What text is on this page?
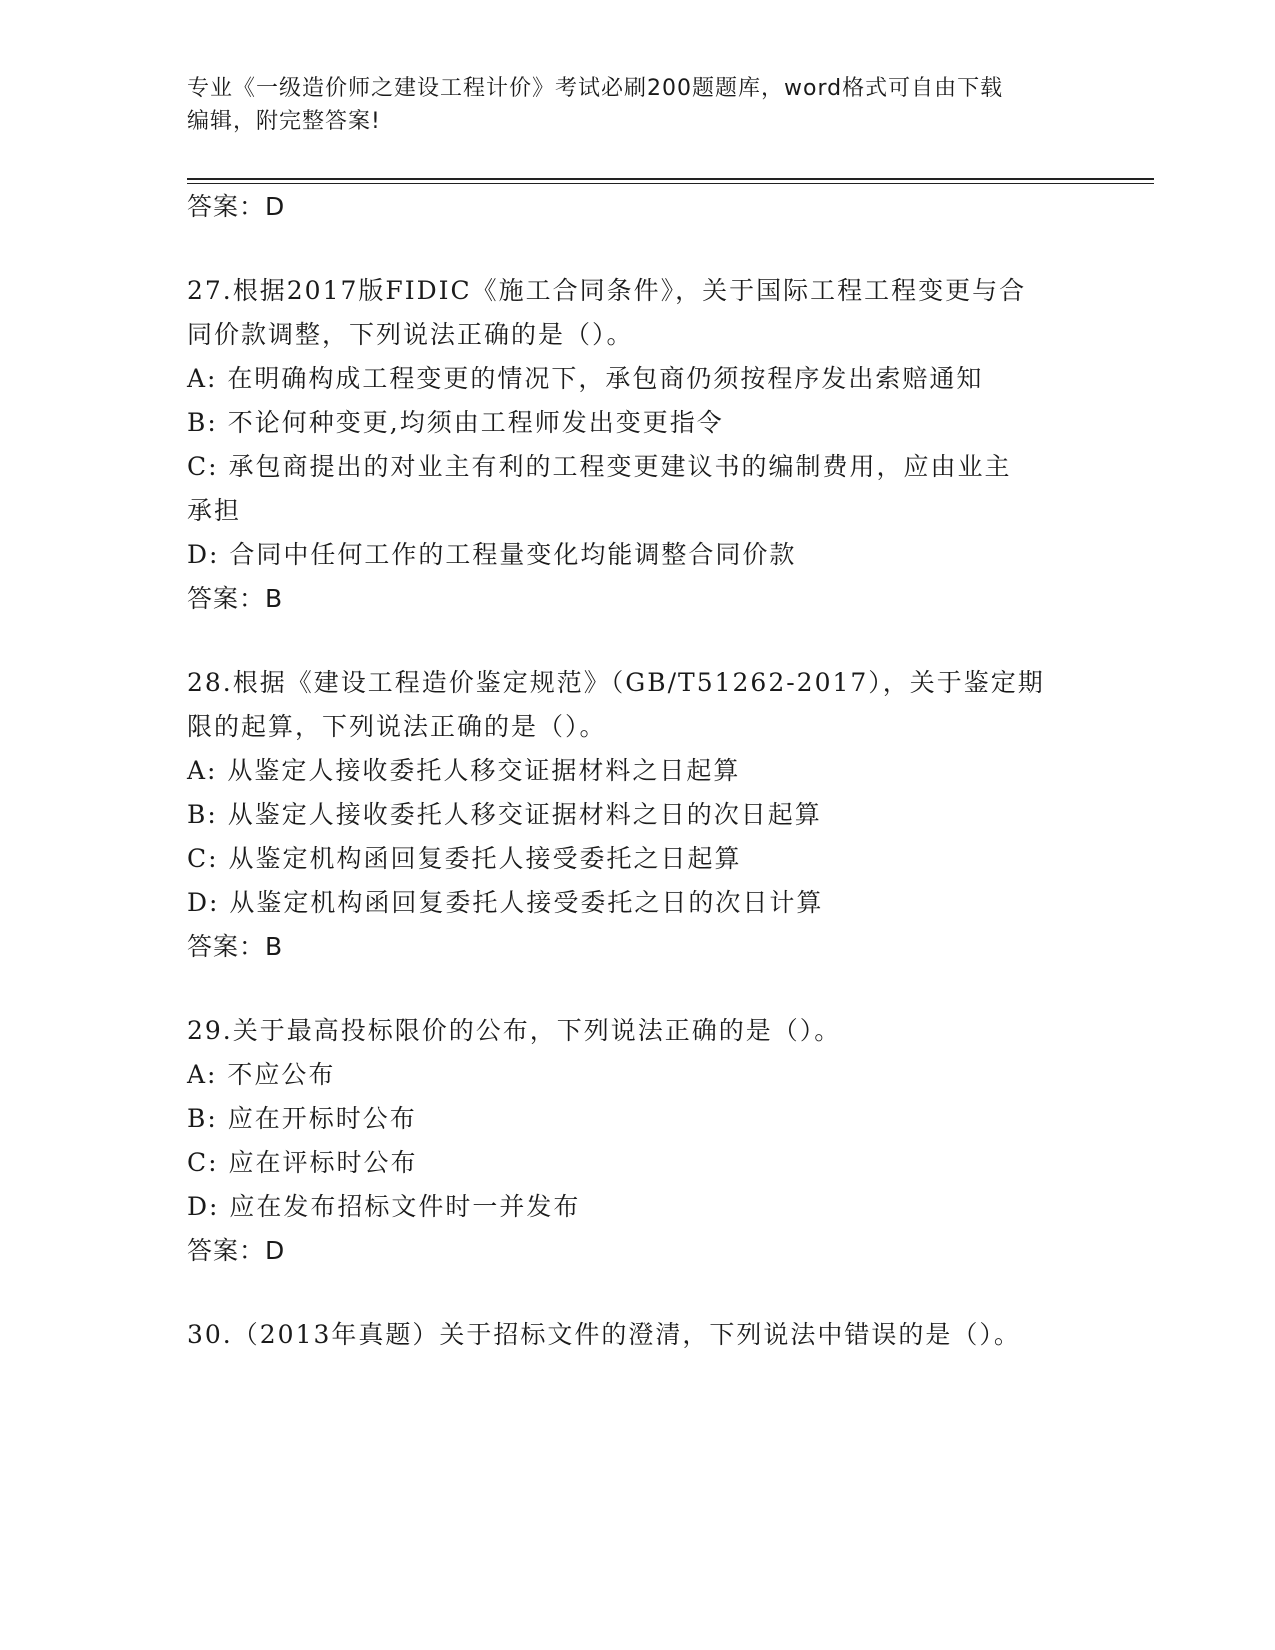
专业《一级造价师之建设工程计价》考试必刷200题题库，word格式可自由下载
编辑，附完整答案!
答案：D
27.根据2017版FIDIC《施工合同条件》，关于国际工程工程变更与合
同价款调整，下列说法正确的是（）。
A: 在明确构成工程变更的情况下，承包商仍须按程序发出索赔通知
B: 不论何种变更,均须由工程师发出变更指令
C: 承包商提出的对业主有利的工程变更建议书的编制费用，应由业主
承担
D: 合同中任何工作的工程量变化均能调整合同价款
答案：B
28.根据《建设工程造价鉴定规范》（GB/T51262-2017），关于鉴定期
限的起算，下列说法正确的是（）。
A: 从鉴定人接收委托人移交证据材料之日起算
B: 从鉴定人接收委托人移交证据材料之日的次日起算
C: 从鉴定机构函回复委托人接受委托之日起算
D: 从鉴定机构函回复委托人接受委托之日的次日计算
答案：B
29.关于最高投标限价的公布，下列说法正确的是（）。
A: 不应公布
B: 应在开标时公布
C: 应在评标时公布
D: 应在发布招标文件时一并发布
答案：D
30.（2013年真题）关于招标文件的澄清，下列说法中错误的是（）。
